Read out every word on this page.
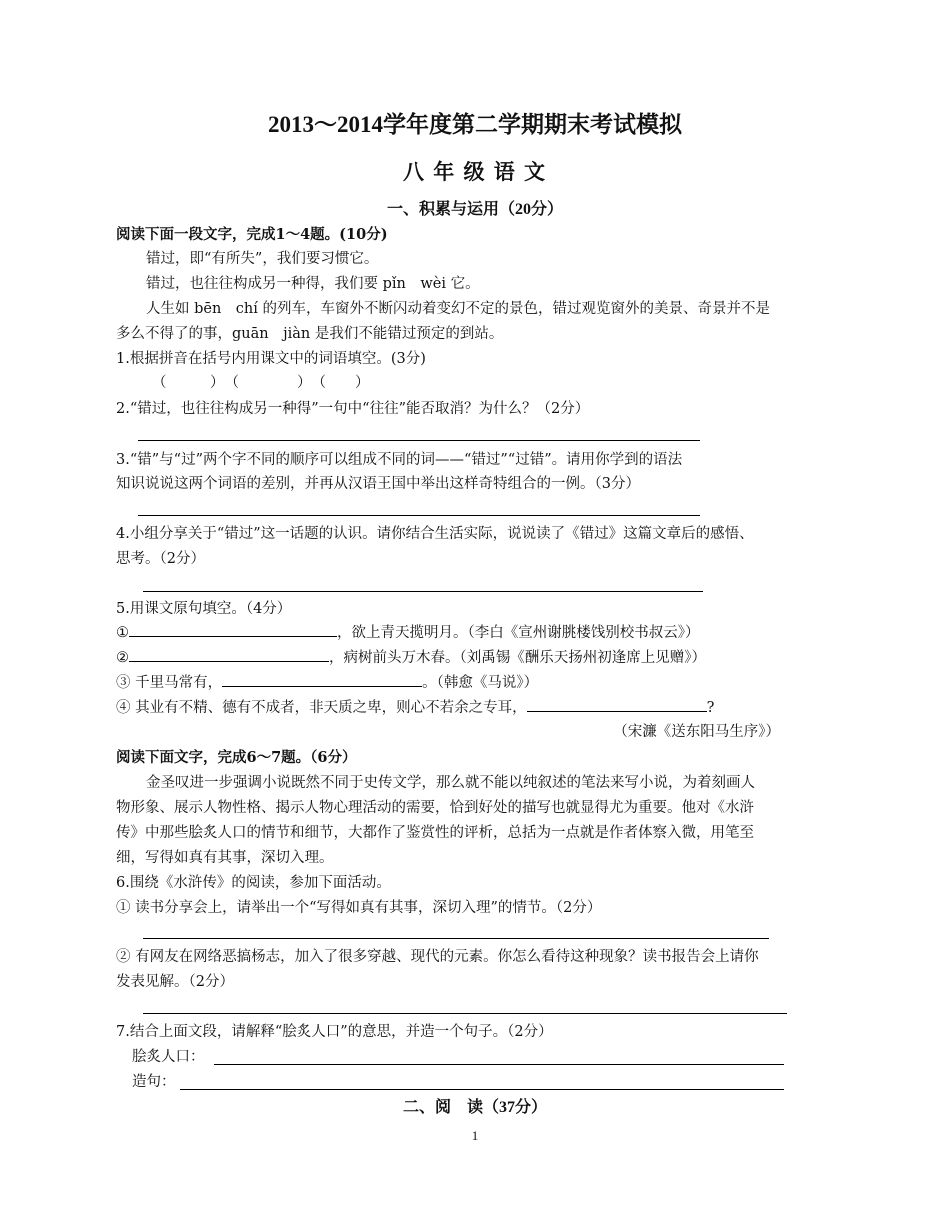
2013～2014学年度第二学期期末考试模拟
八 年 级 语 文
一、积累与运用（20分）
阅读下面一段文字，完成1～4题。(10分)
错过，即“有所失”，我们要习惯它。
错过，也往往构成另一种得，我们要 pǐn　wèi 它。
人生如 bēn　chí 的列车，车窗外不断闪动着变幻不定的景色，错过观览窗外的美景、奇景并不是
多么不得了的事，guān　jiàn 是我们不能错过预定的到站。
1.根据拼音在括号内用课文中的词语填空。(3分)
（　　　）　（　　　　）　（　　）
2.“错过，也往往构成另一种得”一句中“往往”能否取消？为什么？（2分）
3.“错”与“过”两个字不同的顺序可以组成不同的词——“错过”“过错”。请用你学到的语法
知识说说这两个词语的差别，并再从汉语王国中举出这样奇特组合的一例。（3分）
4.小组分享关于“错过”这一话题的认识。请你结合生活实际，说说读了《错过》这篇文章后的感悟、
思考。（2分）
5.用课文原句填空。（4分）
①	，欲上青天揽明月。（李白《宣州谢朓楼饯别校书叔云》）
②	，病树前头万木春。（刘禹锡《酬乐天扬州初逢席上见赠》）
③ 千里马常有，	。（韩愈《马说》）
④ 其业有不精、德有不成者，非天质之卑，则心不若余之专耳，	?
（宋濂《送东阳马生序》）
阅读下面文字，完成6～7题。（6分）
金圣叹进一步强调小说既然不同于史传文学，那么就不能以纯叙述的笔法来写小说，为着刻画人
物形象、展示人物性格、揭示人物心理活动的需要，恰到好处的描写也就显得尤为重要。他对《水浒
传》中那些脍炙人口的情节和细节，大都作了鉴赏性的评析，总括为一点就是作者体察入微，用笔至
细，写得如真有其事，深切入理。
6.围绕《水浒传》的阅读，参加下面活动。
① 读书分享会上，请举出一个“写得如真有其事，深切入理”的情节。（2分）
② 有网友在网络恶搞杨志，加入了很多穿越、现代的元素。你怎么看待这种现象？读书报告会上请你
发表见解。（2分）
7.结合上面文段，请解释“脍炙人口”的意思，并造一个句子。（2分）
脍炙人口：
造句：
二、阅　读（37分）
1
